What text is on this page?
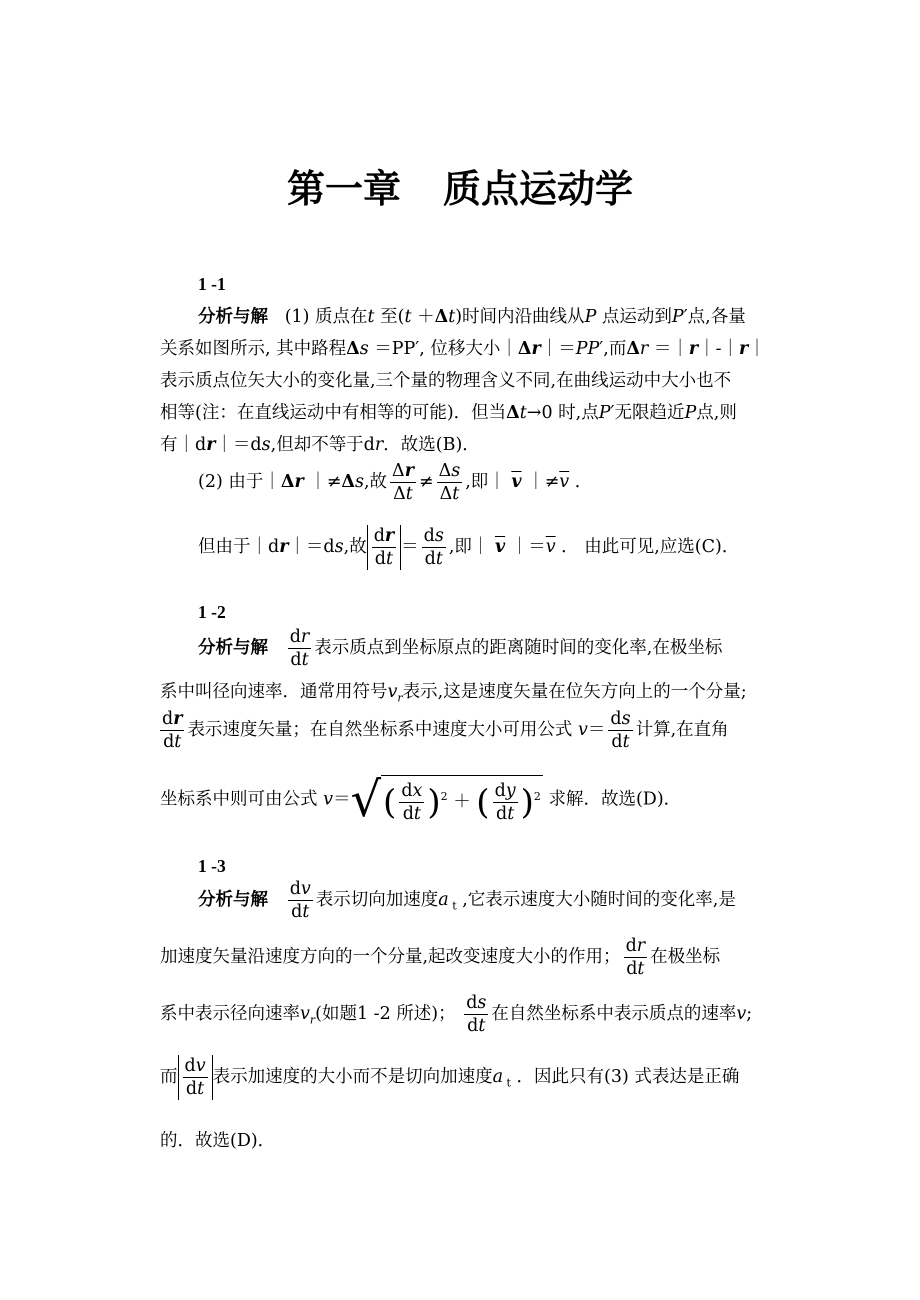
第一章 质点运动学
1 -1
分析与解   (1) 质点在t 至(t ＋Δt)时间内沿曲线从P 点运动到P′点,各量
关系如图所示, 其中路程Δs ＝PP′, 位移大小｜Δr｜＝PP′,而Δr ＝｜r｜-｜r｜
表示质点位矢大小的变化量,三个量的物理含义不同,在曲线运动中大小也不
相等(注：在直线运动中有相等的可能)．但当Δt→0 时,点P′无限趋近P点,则
有｜dr｜＝ds,但却不等于dr．故选(B)．
(2) 由于｜Δr ｜≠Δs,故 $\frac{\Delta r}{\Delta t} \ne \frac{\Delta s}{\Delta t}$ ,即｜ $\overline{v}$ $|\ne\overline{v}$ ．
但由于｜dr｜＝ds,故 $\frac{dr}{dt} = \frac{ds}{dt}$ ,即｜ $\overline{v}$ $|=\overline{v}$ ． 由此可见,应选(C)．
1 -2
分析与解 $\frac{dr}{dt}$ 表示质点到坐标原点的距离随时间的变化率,在极坐标
系中叫径向速率．通常用符号$v_r$表示,这是速度矢量在位矢方向上的一个分量;
$\frac{dr}{dt}$ 表示速度矢量；在自然坐标系中速度大小可用公式 $v= \frac{ds}{dt}$ 计算,在直角
坐标系中则可由公式 $v=√( \frac{dx}{dt} )^2$ ＋ ( $\frac{dy}{dt} )^2$ 求解．故选(D)．
1 -3
分析与解 $\frac{dv}{dt}$ 表示切向加速度a $_t$ ,它表示速度大小随时间的变化率,是
加速度矢量沿速度方向的一个分量,起改变速度大小的作用； $\frac{dr}{dt}$ 在极坐标
系中表示径向速率$v_r$(如题1 -2 所述)； $\frac{ds}{dt}$ 在自然坐标系中表示质点的速率v;
而 $\frac{dv}{dt}$ 表示加速度的大小而不是切向加速度a $_t$ ．因此只有(3) 式表达是正确
的．故选(D)．
